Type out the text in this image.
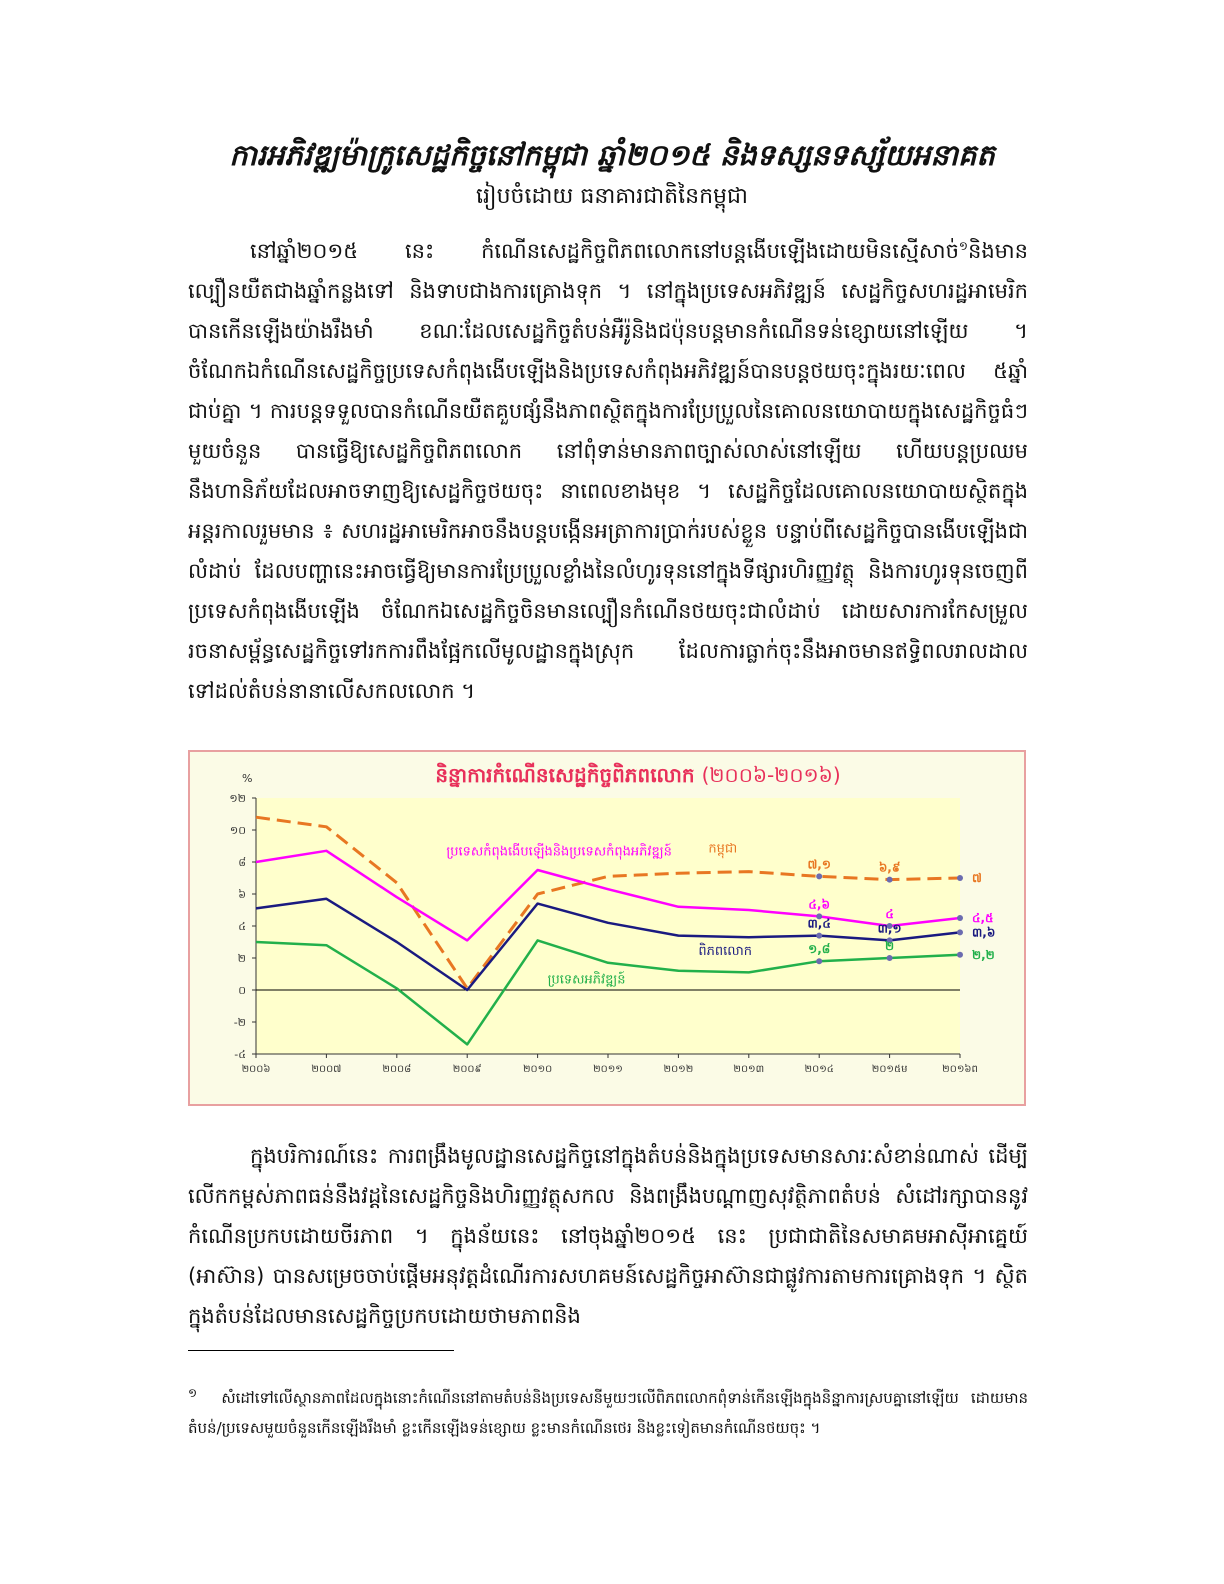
ការអភិវឌ្ឍម៉ាក្រូសេដ្ឋកិច្ចនៅកម្ពុជា ឆ្នាំ២០១៥ និងទស្សនទស្ស័យអនាគត
រៀបចំដោយ ធនាគារជាតិនៃកម្ពុជា

នៅឆ្នាំ២០១៥ នេះ កំណើនសេដ្ឋកិច្ចពិភពលោកនៅបន្តងើបឡើងដោយមិនស្មើសាច់$^១$និងមានល្បឿនយឺតជាងឆ្នាំកន្លងទៅ និងទាបជាងការគ្រោងទុក ។ នៅក្នុងប្រទេសអភិវឌ្ឍន៍ សេដ្ឋកិច្ចសហរដ្ឋអាមេរិកបានកើនឡើងយ៉ាងរឹងមាំ ខណៈដែលសេដ្ឋកិច្ចតំបន់អឺរ៉ូនិងជប៉ុនបន្តមានកំណើនទន់ខ្សោយនៅឡើយ ។ ចំណែកឯកំណើនសេដ្ឋកិច្ចប្រទេសកំពុងងើបឡើងនិងប្រទេសកំពុងអភិវឌ្ឍន៍បានបន្តថយចុះក្នុងរយៈពេល ៥ឆ្នាំ ជាប់គ្នា ។ ការបន្តទទួលបានកំណើនយឺតគួបផ្សំនឹងភាពស្ថិតក្នុងការប្រែប្រួលនៃគោលនយោបាយក្នុងសេដ្ឋកិច្ចធំៗមួយចំនួន បានធ្វើឱ្យសេដ្ឋកិច្ចពិភពលោក នៅពុំទាន់មានភាពច្បាស់លាស់នៅឡើយ ហើយបន្តប្រឈមនឹងហានិភ័យដែលអាចទាញឱ្យសេដ្ឋកិច្ចថយចុះ នាពេលខាងមុខ ។ សេដ្ឋកិច្ចដែលគោលនយោបាយស្ថិតក្នុងអន្តរកាលរួមមាន ៖ សហរដ្ឋអាមេរិកអាចនឹងបន្តបង្កើនអត្រាការប្រាក់របស់ខ្លួន បន្ទាប់ពីសេដ្ឋកិច្ចបានងើបឡើងជាលំដាប់ ដែលបញ្ហានេះអាចធ្វើឱ្យមានការប្រែប្រួលខ្លាំងនៃលំហូរទុននៅក្នុងទីផ្សារហិរញ្ញវត្ថុ និងការហូរទុនចេញពីប្រទេសកំពុងងើបឡើង ចំណែកឯសេដ្ឋកិច្ចចិនមានល្បឿនកំណើនថយចុះជាលំដាប់ ដោយសារការកែសម្រួលរចនាសម្ព័ន្ធសេដ្ឋកិច្ចទៅរកការពឹងផ្អែកលើមូលដ្ឋានក្នុងស្រុក ដែលការធ្លាក់ចុះនឹងអាចមានឥទ្ធិពលរាលដាលទៅដល់តំបន់នានាលើសកលលោក ។

និន្នាការកំណើនសេដ្ឋកិច្ចពិភពលោក (២០០៦-២០១៦)
%
-៤
-២
០
២
៤
៦
៨
១០
១២
២០០៦	២០០៧	២០០៨	២០០៩	២០១០	២០១១	២០១២	២០១៣	២០១៤	២០១៥ម	២០១៦ព
៧,១	៦,៩
៧
កម្ពុជា
៤,៦
៤	៤,៥
ប្រទេសកំពុងងើបឡើងនិងប្រទេសកំពុងអភិវឌ្ឍន៍
៣,៤	៣,១	៣,៦
ពិភពលោក	១,៨	២
២,២
ប្រទេសអភិវឌ្ឍន៍

ក្នុងបរិការណ៍នេះ ការពង្រឹងមូលដ្ឋានសេដ្ឋកិច្ចនៅក្នុងតំបន់និងក្នុងប្រទេសមានសារៈសំខាន់ណាស់ ដើម្បីលើកកម្ពស់ភាពធន់នឹងវដ្តនៃសេដ្ឋកិច្ចនិងហិរញ្ញវត្ថុសកល និងពង្រឹងបណ្ដាញសុវត្ថិភាពតំបន់ សំដៅរក្សាបាននូវកំណើនប្រកបដោយចីរភាព ។ ក្នុងន័យនេះ នៅចុងឆ្នាំ២០១៥ នេះ ប្រជាជាតិនៃសមាគមអាស៊ីអាគ្នេយ៍ (អាស៊ាន) បានសម្រេចចាប់ផ្តើមអនុវត្តដំណើរការសហគមន៍សេដ្ឋកិច្ចអាស៊ានជាផ្លូវការតាមការគ្រោងទុក ។ ស្ថិតក្នុងតំបន់ដែលមានសេដ្ឋកិច្ចប្រកបដោយថាមភាពនិង

$^១$ សំដៅទៅលើស្ថានភាពដែលក្នុងនោះកំណើននៅតាមតំបន់និងប្រទេសនីមួយៗលើពិភពលោកពុំទាន់កើនឡើងក្នុងនិន្នាការស្របគ្នានៅឡើយ ដោយមានតំបន់/ប្រទេសមួយចំនួនកើនឡើងរឹងមាំ ខ្លះកើនឡើងទន់ខ្សោយ ខ្លះមានកំណើនថេរ និងខ្លះទៀតមានកំណើនថយចុះ ។
